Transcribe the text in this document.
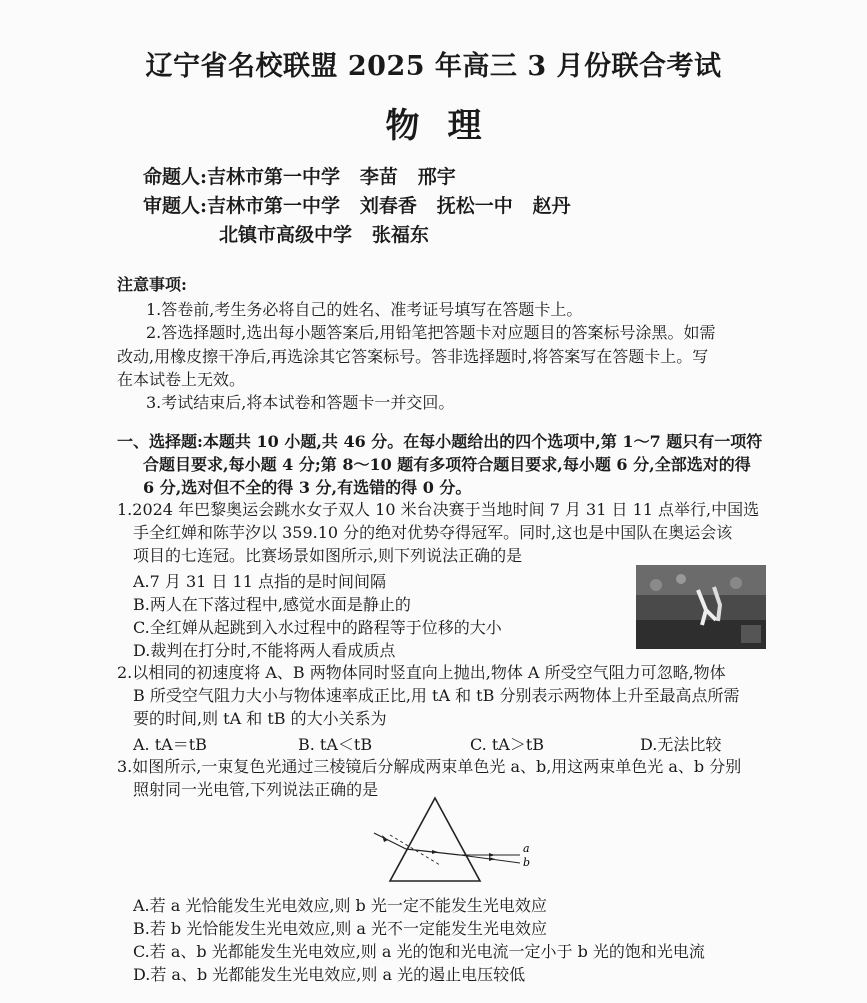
辽宁省名校联盟 2025 年高三 3 月份联合考试
物理
命题人:吉林市第一中学   李苗   邢宇
审题人:吉林市第一中学   刘春香   抚松一中   赵丹
北镇市高级中学   张福东
注意事项:
1.答卷前,考生务必将自己的姓名、准考证号填写在答题卡上。
2.答选择题时,选出每小题答案后,用铅笔把答题卡对应题目的答案标号涂黑。如需
改动,用橡皮擦干净后,再选涂其它答案标号。答非选择题时,将答案写在答题卡上。写
在本试卷上无效。
3.考试结束后,将本试卷和答题卡一并交回。
一、选择题:本题共 10 小题,共 46 分。在每小题给出的四个选项中,第 1～7 题只有一项符
合题目要求,每小题 4 分;第 8～10 题有多项符合题目要求,每小题 6 分,全部选对的得
6 分,选对但不全的得 3 分,有选错的得 0 分。
1.2024 年巴黎奥运会跳水女子双人 10 米台决赛于当地时间 7 月 31 日 11 点举行,中国选
手全红婵和陈芋汐以 359.10 分的绝对优势夺得冠军。同时,这也是中国队在奥运会该
项目的七连冠。比赛场景如图所示,则下列说法正确的是
A.7 月 31 日 11 点指的是时间间隔
B.两人在下落过程中,感觉水面是静止的
C.全红婵从起跳到入水过程中的路程等于位移的大小
D.裁判在打分时,不能将两人看成质点
2.以相同的初速度将 A、B 两物体同时竖直向上抛出,物体 A 所受空气阻力可忽略,物体
B 所受空气阻力大小与物体速率成正比,用 tA 和 tB 分别表示两物体上升至最高点所需
要的时间,则 tA 和 tB 的大小关系为
A. tA＝tB	B. tA＜tB	C. tA＞tB	D.无法比较
3.如图所示,一束复色光通过三棱镜后分解成两束单色光 a、b,用这两束单色光 a、b 分别
照射同一光电管,下列说法正确的是
a
b
A.若 a 光恰能发生光电效应,则 b 光一定不能发生光电效应
B.若 b 光恰能发生光电效应,则 a 光不一定能发生光电效应
C.若 a、b 光都能发生光电效应,则 a 光的饱和光电流一定小于 b 光的饱和光电流
D.若 a、b 光都能发生光电效应,则 a 光的遏止电压较低
